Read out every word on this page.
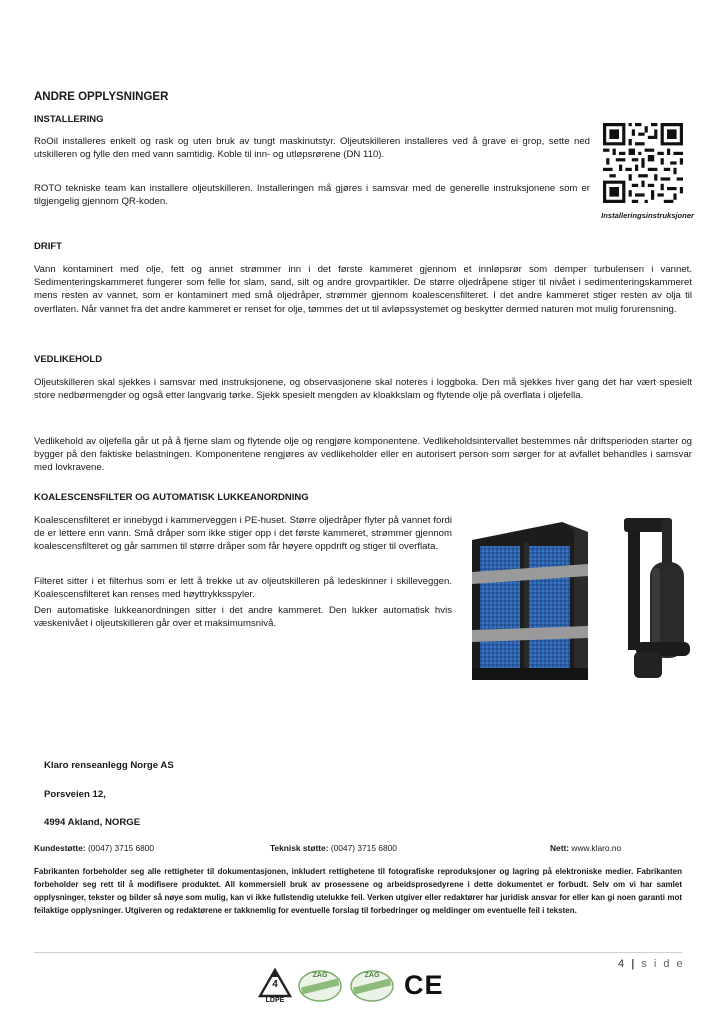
ANDRE OPPLYSNINGER
INSTALLERING
RoOil installeres enkelt og rask og uten bruk av tungt maskinutstyr. Oljeutskilleren installeres ved å grave ei grop, sette ned utskilleren og fylle den med vann samtidig. Koble til inn- og utløpsrørene (DN 110).
ROTO tekniske team kan installere oljeutskilleren. Installeringen må gjøres i samsvar med de generelle instruksjonene som er tilgjengelig gjennom QR-koden.
Installeringsinstruksjoner
DRIFT
Vann kontaminert med olje, fett og annet strømmer inn i det første kammeret gjennom et innløpsrør som demper turbulensen i vannet. Sedimenteringskammeret fungerer som felle for slam, sand, silt og andre grovpartikler. De større oljedråpene stiger til nivået i sedimenteringskammeret mens resten av vannet, som er kontaminert med små oljedråper, strømmer gjennom koalescensfilteret. I det andre kammeret stiger resten av olja til overflaten. Når vannet fra det andre kammeret er renset for olje, tømmes det ut til avløpssystemet og beskytter dermed naturen mot mulig forurensning.
VEDLIKEHOLD
Oljeutskilleren skal sjekkes i samsvar med instruksjonene, og observasjonene skal noteres i loggboka. Den må sjekkes hver gang det har vært spesielt store nedbørmengder og også etter langvarig tørke. Sjekk spesielt mengden av kloakkslam og flytende olje på overflata i oljefella.
Vedlikehold av oljefella går ut på å fjerne slam og flytende olje og rengjøre komponentene. Vedlikeholdsintervallet bestemmes når driftsperioden starter og bygger på den faktiske belastningen. Komponentene rengjøres av vedlikeholder eller en autorisert person som sørger for at avfallet behandles i samsvar med lovkravene.
KOALESCENSFILTER OG AUTOMATISK LUKKEANORDNING
Koalescensfilteret er innebygd i kammerveggen i PE-huset. Større oljedråper flyter på vannet fordi de er lettere enn vann. Små dråper som ikke stiger opp i det første kammeret, strømmer gjennom koalescensfilteret og går sammen til større dråper som får høyere oppdrift og stiger til overflata.
Filteret sitter i et filterhus som er lett å trekke ut av oljeutskilleren på ledeskinner i skilleveggen. Koalescensfilteret kan renses med høyttrykksspyler.
Den automatiske lukkeanordningen sitter i det andre kammeret. Den lukker automatisk hvis væskenivået i oljeutskilleren går over et maksimumsnivå.
Klaro renseanlegg Norge AS
Porsveien 12,
4994 Akland, NORGE
Kundestøtte: (0047) 3715 6800	Teknisk støtte: (0047) 3715 6800	Nett: www.klaro.no
Fabrikanten forbeholder seg alle rettigheter til dokumentasjonen, inkludert rettighetene til fotografiske reproduksjoner og lagring på elektroniske medier. Fabrikanten forbeholder seg rett til å modifisere produktet. All kommersiell bruk av prosessene og arbeidsprosedyrene i dette dokumentet er forbudt. Selv om vi har samlet opplysninger, tekster og bilder så nøye som mulig, kan vi ikke fullstendig utelukke feil. Verken utgiver eller redaktører har juridisk ansvar for eller kan gi noen garanti mot feilaktige opplysninger. Utgiveren og redaktørene er takknemlig for eventuelle forslag til forbedringer og meldinger om eventuelle feil i teksten.
4 | s i d e
4
LDPE
ZAG	ZAG CE
